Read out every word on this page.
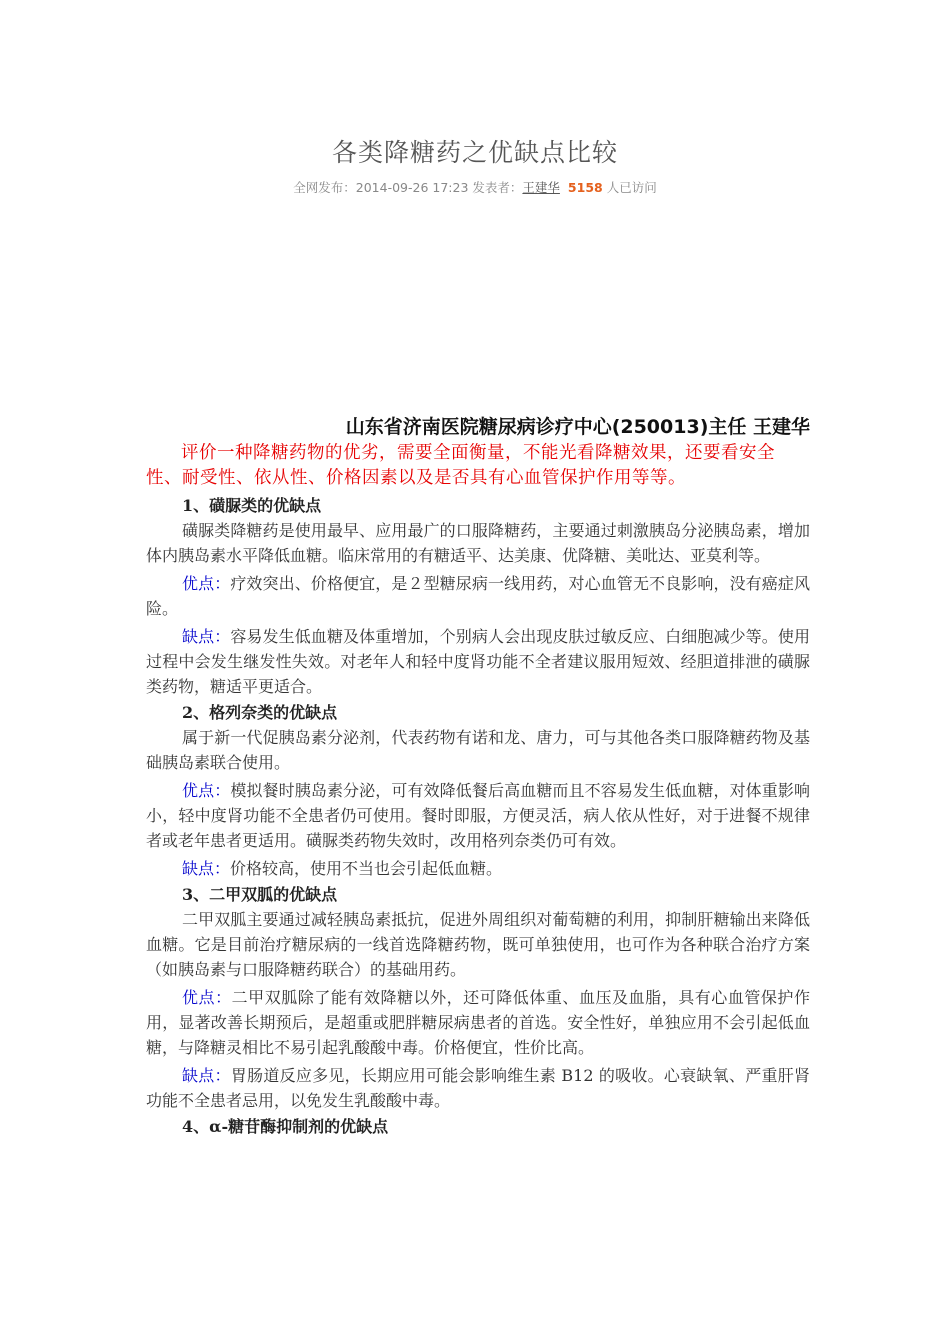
各类降糖药之优缺点比较
全网发布：2014-09-26 17:23 发表者：王建华 5158 人已访问
山东省济南医院糖尿病诊疗中心(250013)主任 王建华

评价一种降糖药物的优劣，需要全面衡量，不能光看降糖效果，还要看安全性、耐受性、依从性、价格因素以及是否具有心血管保护作用等等。

1、磺脲类的优缺点

磺脲类降糖药是使用最早、应用最广的口服降糖药，主要通过刺激胰岛分泌胰岛素，增加体内胰岛素水平降低血糖。临床常用的有糖适平、达美康、优降糖、美吡达、亚莫利等。

优点：疗效突出、价格便宜，是２型糖尿病一线用药，对心血管无不良影响，没有癌症风险。

缺点：容易发生低血糖及体重增加，个别病人会出现皮肤过敏反应、白细胞减少等。使用过程中会发生继发性失效。对老年人和轻中度肾功能不全者建议服用短效、经胆道排泄的磺脲类药物，糖适平更适合。

2、格列奈类的优缺点

属于新一代促胰岛素分泌剂，代表药物有诺和龙、唐力，可与其他各类口服降糖药物及基础胰岛素联合使用。

优点：模拟餐时胰岛素分泌，可有效降低餐后高血糖而且不容易发生低血糖，对体重影响小，轻中度肾功能不全患者仍可使用。餐时即服，方便灵活，病人依从性好，对于进餐不规律者或老年患者更适用。磺脲类药物失效时，改用格列奈类仍可有效。

缺点：价格较高，使用不当也会引起低血糖。

3、二甲双胍的优缺点

二甲双胍主要通过减轻胰岛素抵抗，促进外周组织对葡萄糖的利用，抑制肝糖输出来降低血糖。它是目前治疗糖尿病的一线首选降糖药物，既可单独使用，也可作为各种联合治疗方案（如胰岛素与口服降糖药联合）的基础用药。

优点：二甲双胍除了能有效降糖以外，还可降低体重、血压及血脂，具有心血管保护作用，显著改善长期预后，是超重或肥胖糖尿病患者的首选。安全性好，单独应用不会引起低血糖，与降糖灵相比不易引起乳酸酸中毒。价格便宜，性价比高。

缺点：胃肠道反应多见，长期应用可能会影响维生素 B12 的吸收。心衰缺氧、严重肝肾功能不全患者忌用，以免发生乳酸酸中毒。

4、α-糖苷酶抑制剂的优缺点
